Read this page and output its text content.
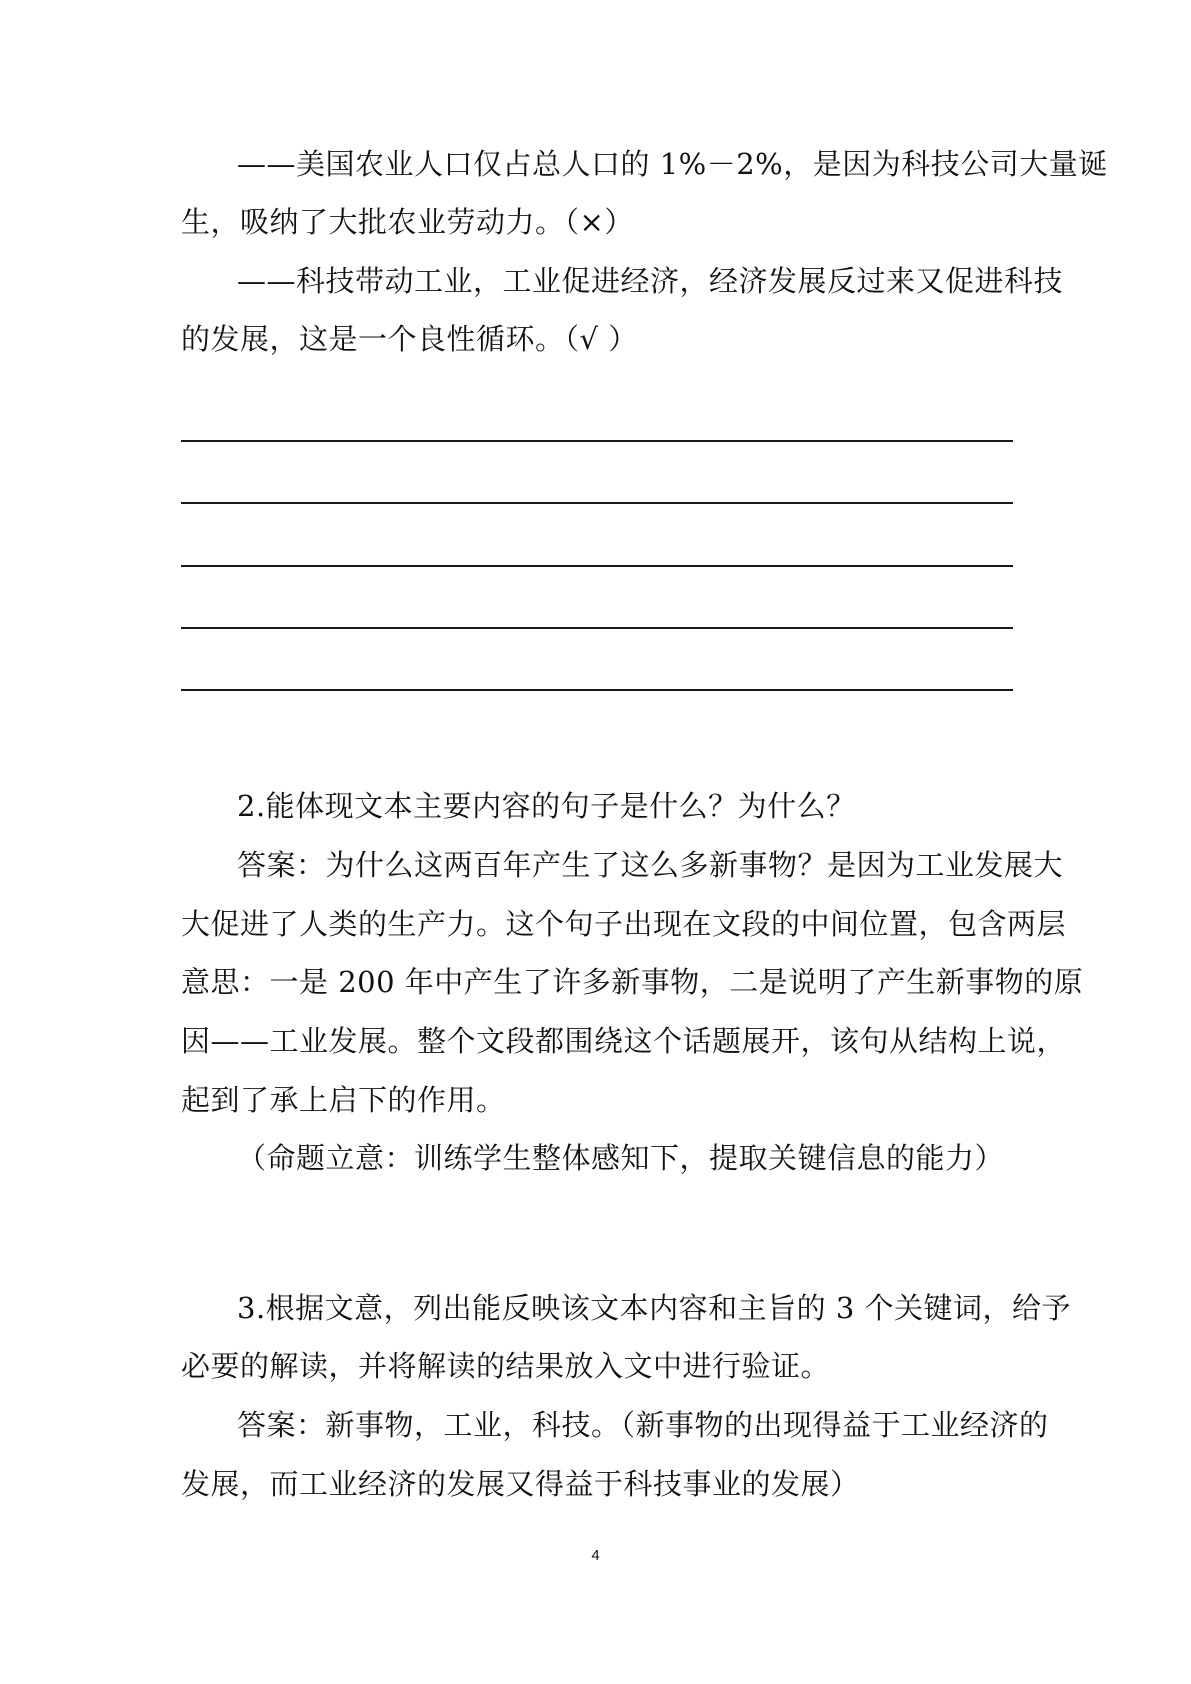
——美国农业人口仅占总人口的 1%－2%，是因为科技公司大量诞
生，吸纳了大批农业劳动力。（×）
——科技带动工业，工业促进经济，经济发展反过来又促进科技
的发展，这是一个良性循环。（√ ）
2.能体现文本主要内容的句子是什么？为什么？
答案：为什么这两百年产生了这么多新事物？是因为工业发展大
大促进了人类的生产力。这个句子出现在文段的中间位置，包含两层
意思：一是 200 年中产生了许多新事物，二是说明了产生新事物的原
因——工业发展。整个文段都围绕这个话题展开，该句从结构上说，
起到了承上启下的作用。
（命题立意：训练学生整体感知下，提取关键信息的能力）
3.根据文意，列出能反映该文本内容和主旨的 3 个关键词，给予
必要的解读，并将解读的结果放入文中进行验证。
答案：新事物，工业，科技。（新事物的出现得益于工业经济的
发展，而工业经济的发展又得益于科技事业的发展）
4
